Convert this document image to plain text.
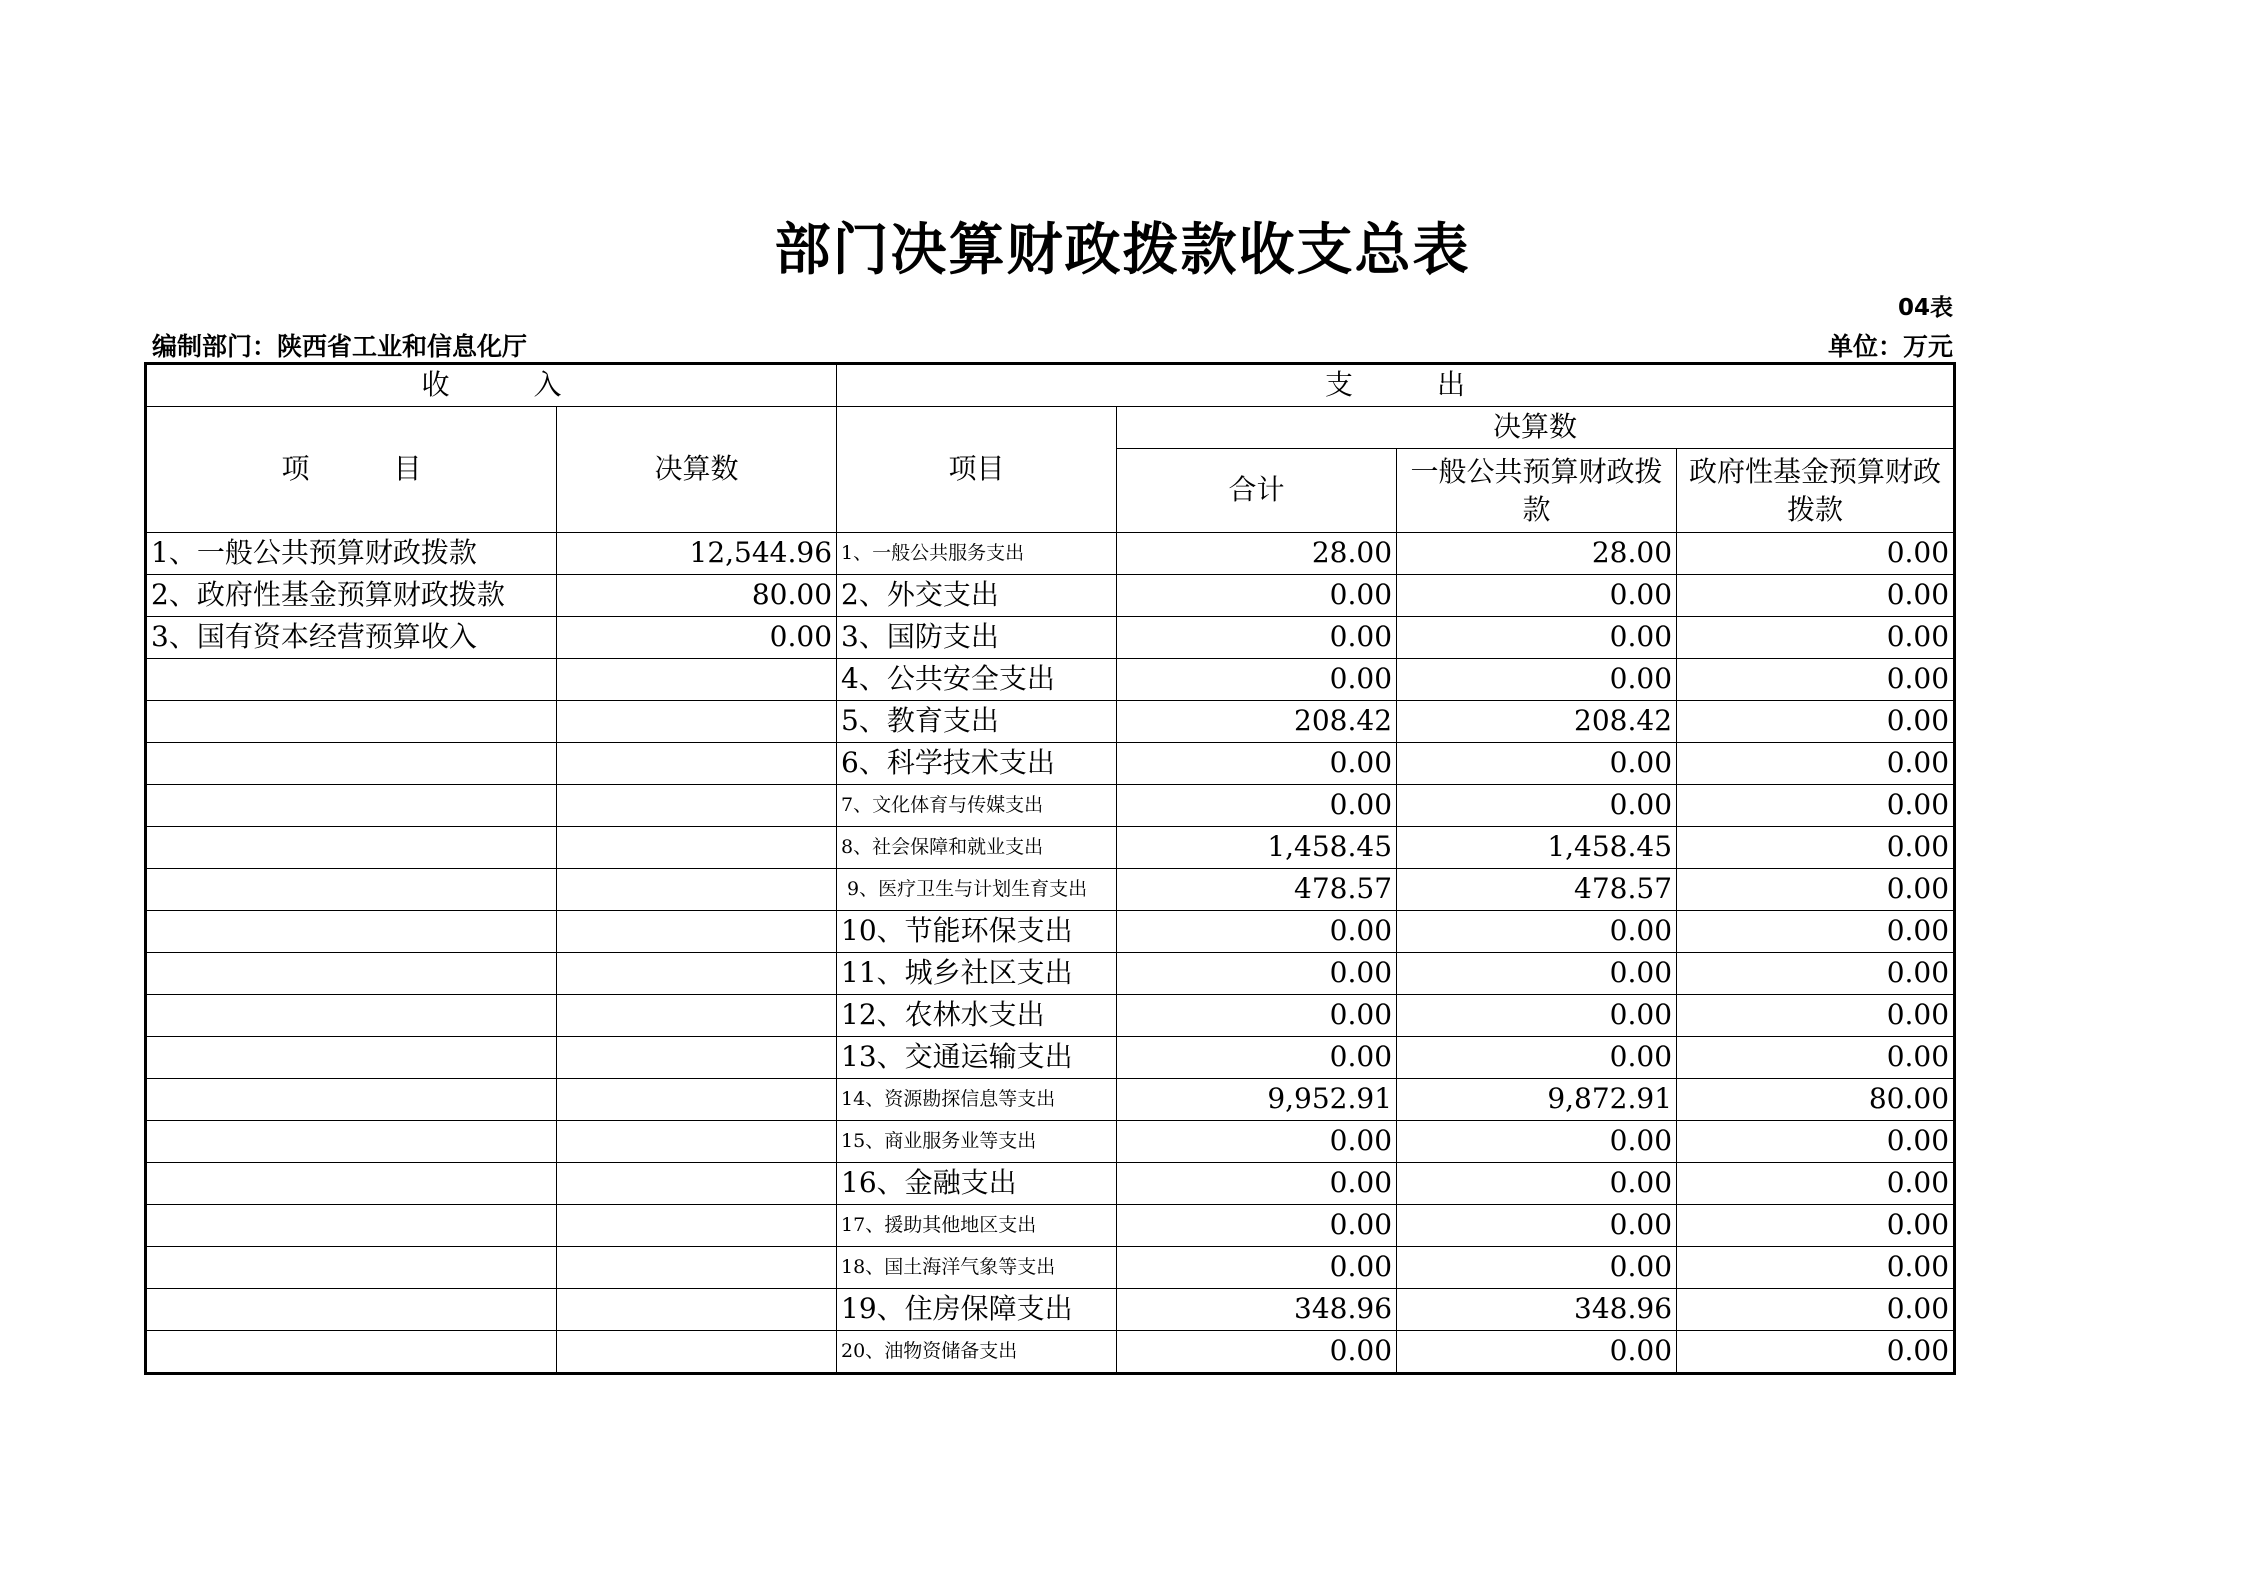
部门决算财政拨款收支总表
04表
编制部门：陕西省工业和信息化厅	单位：万元
收　　　入		支　　　出			
项　　　目	决算数	项目	决算数		
			合计	一般公共预算财政拨款	政府性基金预算财政拨款
1、一般公共预算财政拨款	12,544.96	1、一般公共服务支出	28.00	28.00	0.00
2、政府性基金预算财政拨款	80.00	2、外交支出	0.00	0.00	0.00
3、国有资本经营预算收入	0.00	3、国防支出	0.00	0.00	0.00
		4、公共安全支出	0.00	0.00	0.00
		5、教育支出	208.42	208.42	0.00
		6、科学技术支出	0.00	0.00	0.00
		7、文化体育与传媒支出	0.00	0.00	0.00
		8、社会保障和就业支出	1,458.45	1,458.45	0.00
		9、医疗卫生与计划生育支出	478.57	478.57	0.00
		10、节能环保支出	0.00	0.00	0.00
		11、城乡社区支出	0.00	0.00	0.00
		12、农林水支出	0.00	0.00	0.00
		13、交通运输支出	0.00	0.00	0.00
		14、资源勘探信息等支出	9,952.91	9,872.91	80.00
		15、商业服务业等支出	0.00	0.00	0.00
		16、金融支出	0.00	0.00	0.00
		17、援助其他地区支出	0.00	0.00	0.00
		18、国土海洋气象等支出	0.00	0.00	0.00
		19、住房保障支出	348.96	348.96	0.00
		20、油物资储备支出	0.00	0.00	0.00
